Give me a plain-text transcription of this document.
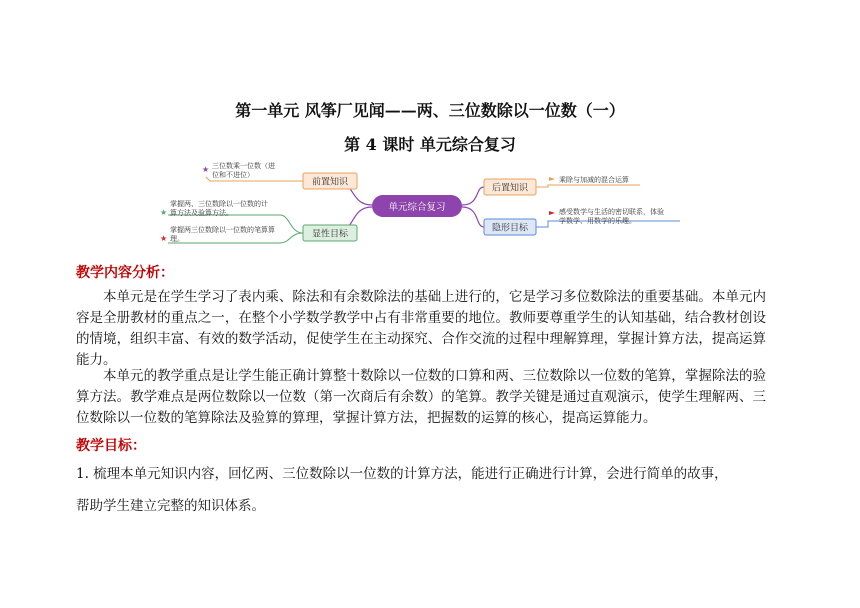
第一单元 风筝厂见闻——两、三位数除以一位数（一）
第 4 课时 单元综合复习
单元综合复习
前置知识
显性目标
后置知识
隐形目标
★ 三位数乘一位数（进
位和不进位）
★
掌握两、三位数除以一位数的计
算方法及验算方法。
★
掌握两三位数除以一位数的笔算算
理。
乘除与加减的混合运算
感受数学与生活的密切联系，体验
学数学、用数学的乐趣。
教学内容分析：
本单元是在学生学习了表内乘、除法和有余数除法的基础上进行的，它是学习多位数除法的重要基础。本单元内容是全册教材的重点之一，在整个小学数学教学中占有非常重要的地位。教师要尊重学生的认知基础，结合教材创设的情境，组织丰富、有效的数学活动，促使学生在主动探究、合作交流的过程中理解算理，掌握计算方法，提高运算能力。
本单元的教学重点是让学生能正确计算整十数除以一位数的口算和两、三位数除以一位数的笔算，掌握除法的验算方法。教学难点是两位数除以一位数（第一次商后有余数）的笔算。教学关键是通过直观演示，使学生理解两、三位数除以一位数的笔算除法及验算的算理，掌握计算方法，把握数的运算的核心，提高运算能力。
教学目标：
1. 梳理本单元知识内容，回忆两、三位数除以一位数的计算方法，能进行正确进行计算，会进行简单的故事，
帮助学生建立完整的知识体系。
